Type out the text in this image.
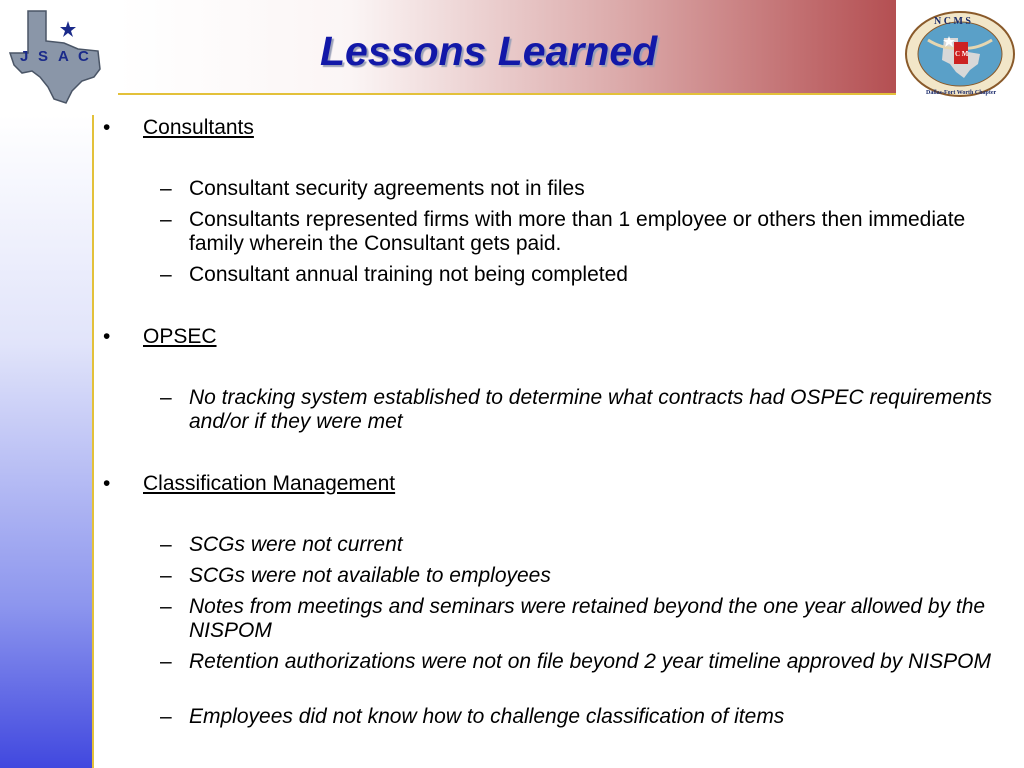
J S A C	C M
N C M S
Dallas-Fort Worth Chapter
Lessons Learned
• Consultants
– Consultant security agreements not in files
– Consultants represented firms with more than 1 employee or others then immediate family wherein the Consultant gets paid.
– Consultant annual training not being completed
• OPSEC
– No tracking system established to determine what contracts had OSPEC requirements and/or if they were met
• Classification Management
– SCGs were not current
– SCGs were not available to employees
– Notes from meetings and seminars were retained beyond the one year allowed by the NISPOM
– Retention authorizations were not on file beyond 2 year timeline approved by NISPOM
– Employees did not know how to challenge classification of items
